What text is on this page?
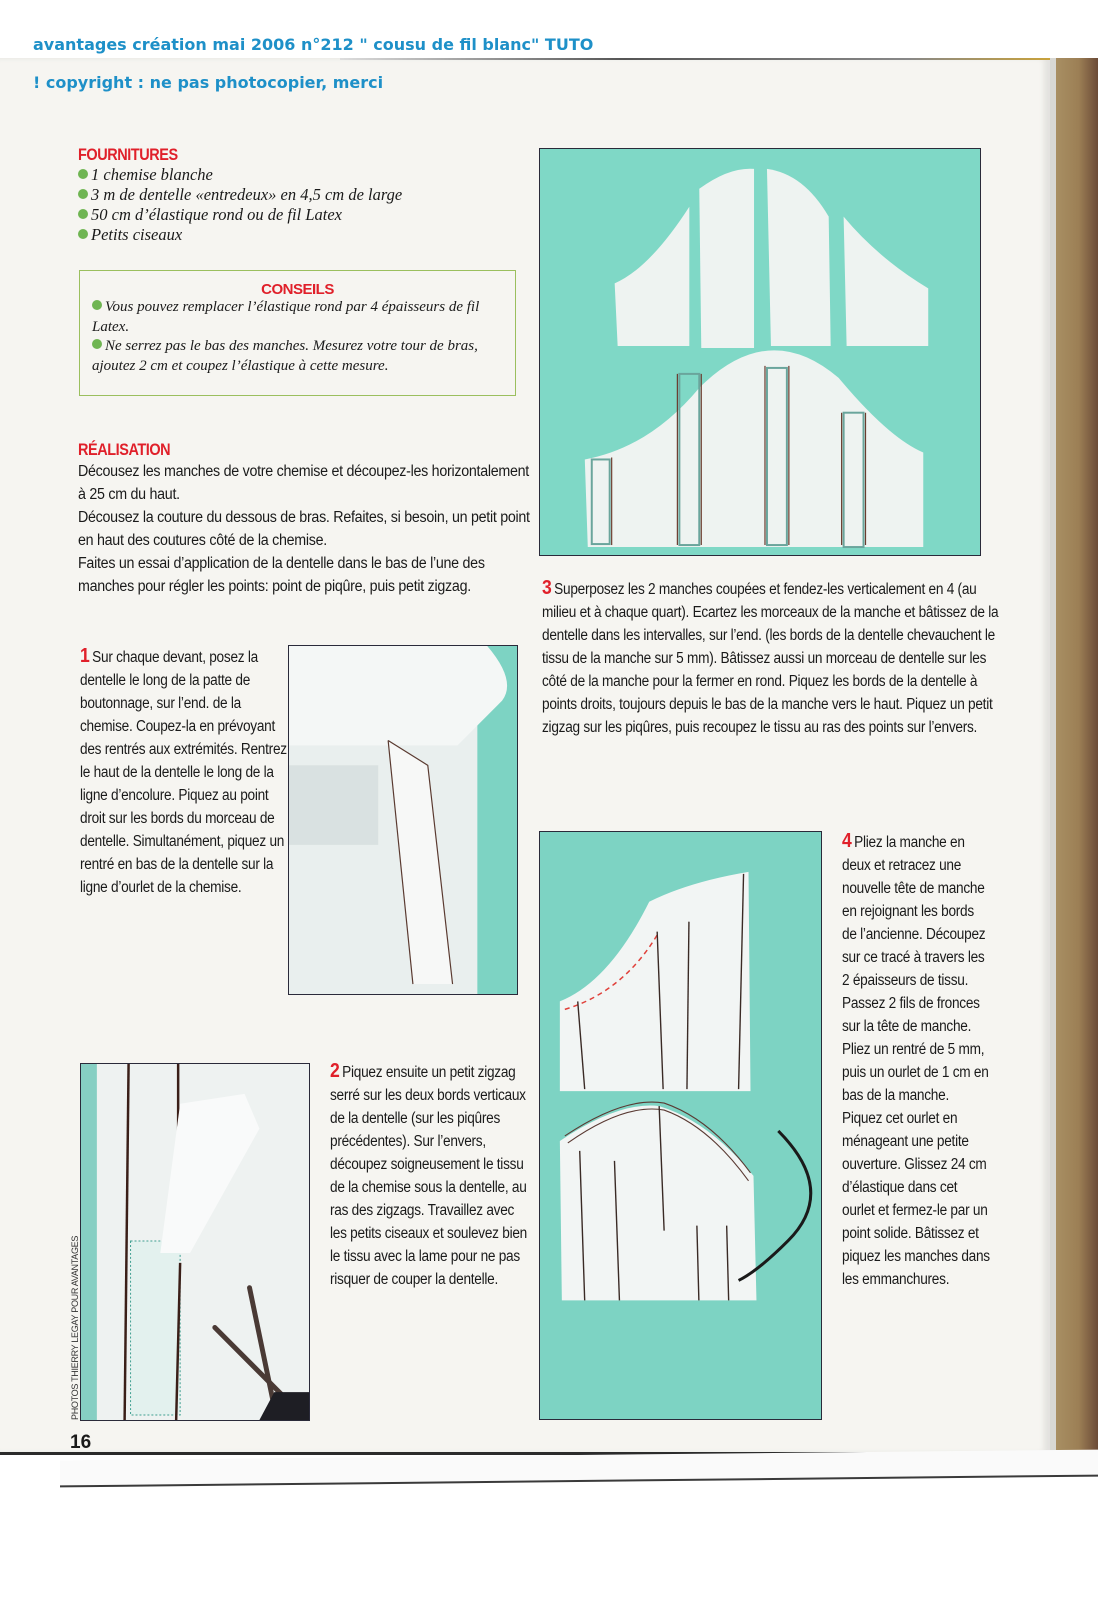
avantages création mai 2006 n°212 " cousu de fil blanc" TUTO
! copyright : ne pas photocopier, merci
FOURNITURES
1 chemise blanche
3 m de dentelle «entredeux» en 4,5 cm de large
50 cm d’élastique rond ou de fil Latex
Petits ciseaux
CONSEILS
Vous pouvez remplacer l’élastique rond par 4 épaisseurs de fil Latex.
Ne serrez pas le bas des manches. Mesurez votre tour de bras, ajoutez 2 cm et coupez l’élastique à cette mesure.
RÉALISATION
Décousez les manches de votre chemise et découpez-les horizontalement à 25 cm du haut.
Décousez la couture du dessous de bras. Refaites, si besoin, un petit point en haut des coutures côté de la chemise.
Faites un essai d’application de la dentelle dans le bas de l’une des manches pour régler les points: point de piqûre, puis petit zigzag.
1 Sur chaque devant, posez la dentelle le long de la patte de boutonnage, sur l’end. de la chemise. Coupez-la en prévoyant des rentrés aux extrémités. Rentrez le haut de la dentelle le long de la ligne d’encolure. Piquez au point droit sur les bords du morceau de dentelle. Simultanément, piquez un rentré en bas de la dentelle sur la ligne d’ourlet de la chemise.
2 Piquez ensuite un petit zigzag serré sur les deux bords verticaux de la dentelle (sur les piqûres précédentes). Sur l’envers, découpez soigneusement le tissu de la chemise sous la dentelle, au ras des zigzags. Travaillez avec les petits ciseaux et soulevez bien le tissu avec la lame pour ne pas risquer de couper la dentelle.
3 Superposez les 2 manches coupées et fendez-les verticalement en 4 (au milieu et à chaque quart). Ecartez les morceaux de la manche et bâtissez de la dentelle dans les intervalles, sur l’end. (les bords de la dentelle chevauchent le tissu de la manche sur 5 mm). Bâtissez aussi un morceau de dentelle sur les côté de la manche pour la fermer en rond. Piquez les bords de la dentelle à points droits, toujours depuis le bas de la manche vers le haut. Piquez un petit zigzag sur les piqûres, puis recoupez le tissu au ras des points sur l’envers.
4 Pliez la manche en deux et retracez une nouvelle tête de manche en rejoignant les bords de l’ancienne. Découpez sur ce tracé à travers les 2 épaisseurs de tissu. Passez 2 fils de fronces sur la tête de manche. Pliez un rentré de 5 mm, puis un ourlet de 1 cm en bas de la manche. Piquez cet ourlet en ménageant une petite ouverture. Glissez 24 cm d’élastique dans cet ourlet et fermez-le par un point solide. Bâtissez et piquez les manches dans les emmanchures.
PHOTOS THIERRY LEGAY POUR AVANTAGES
16
